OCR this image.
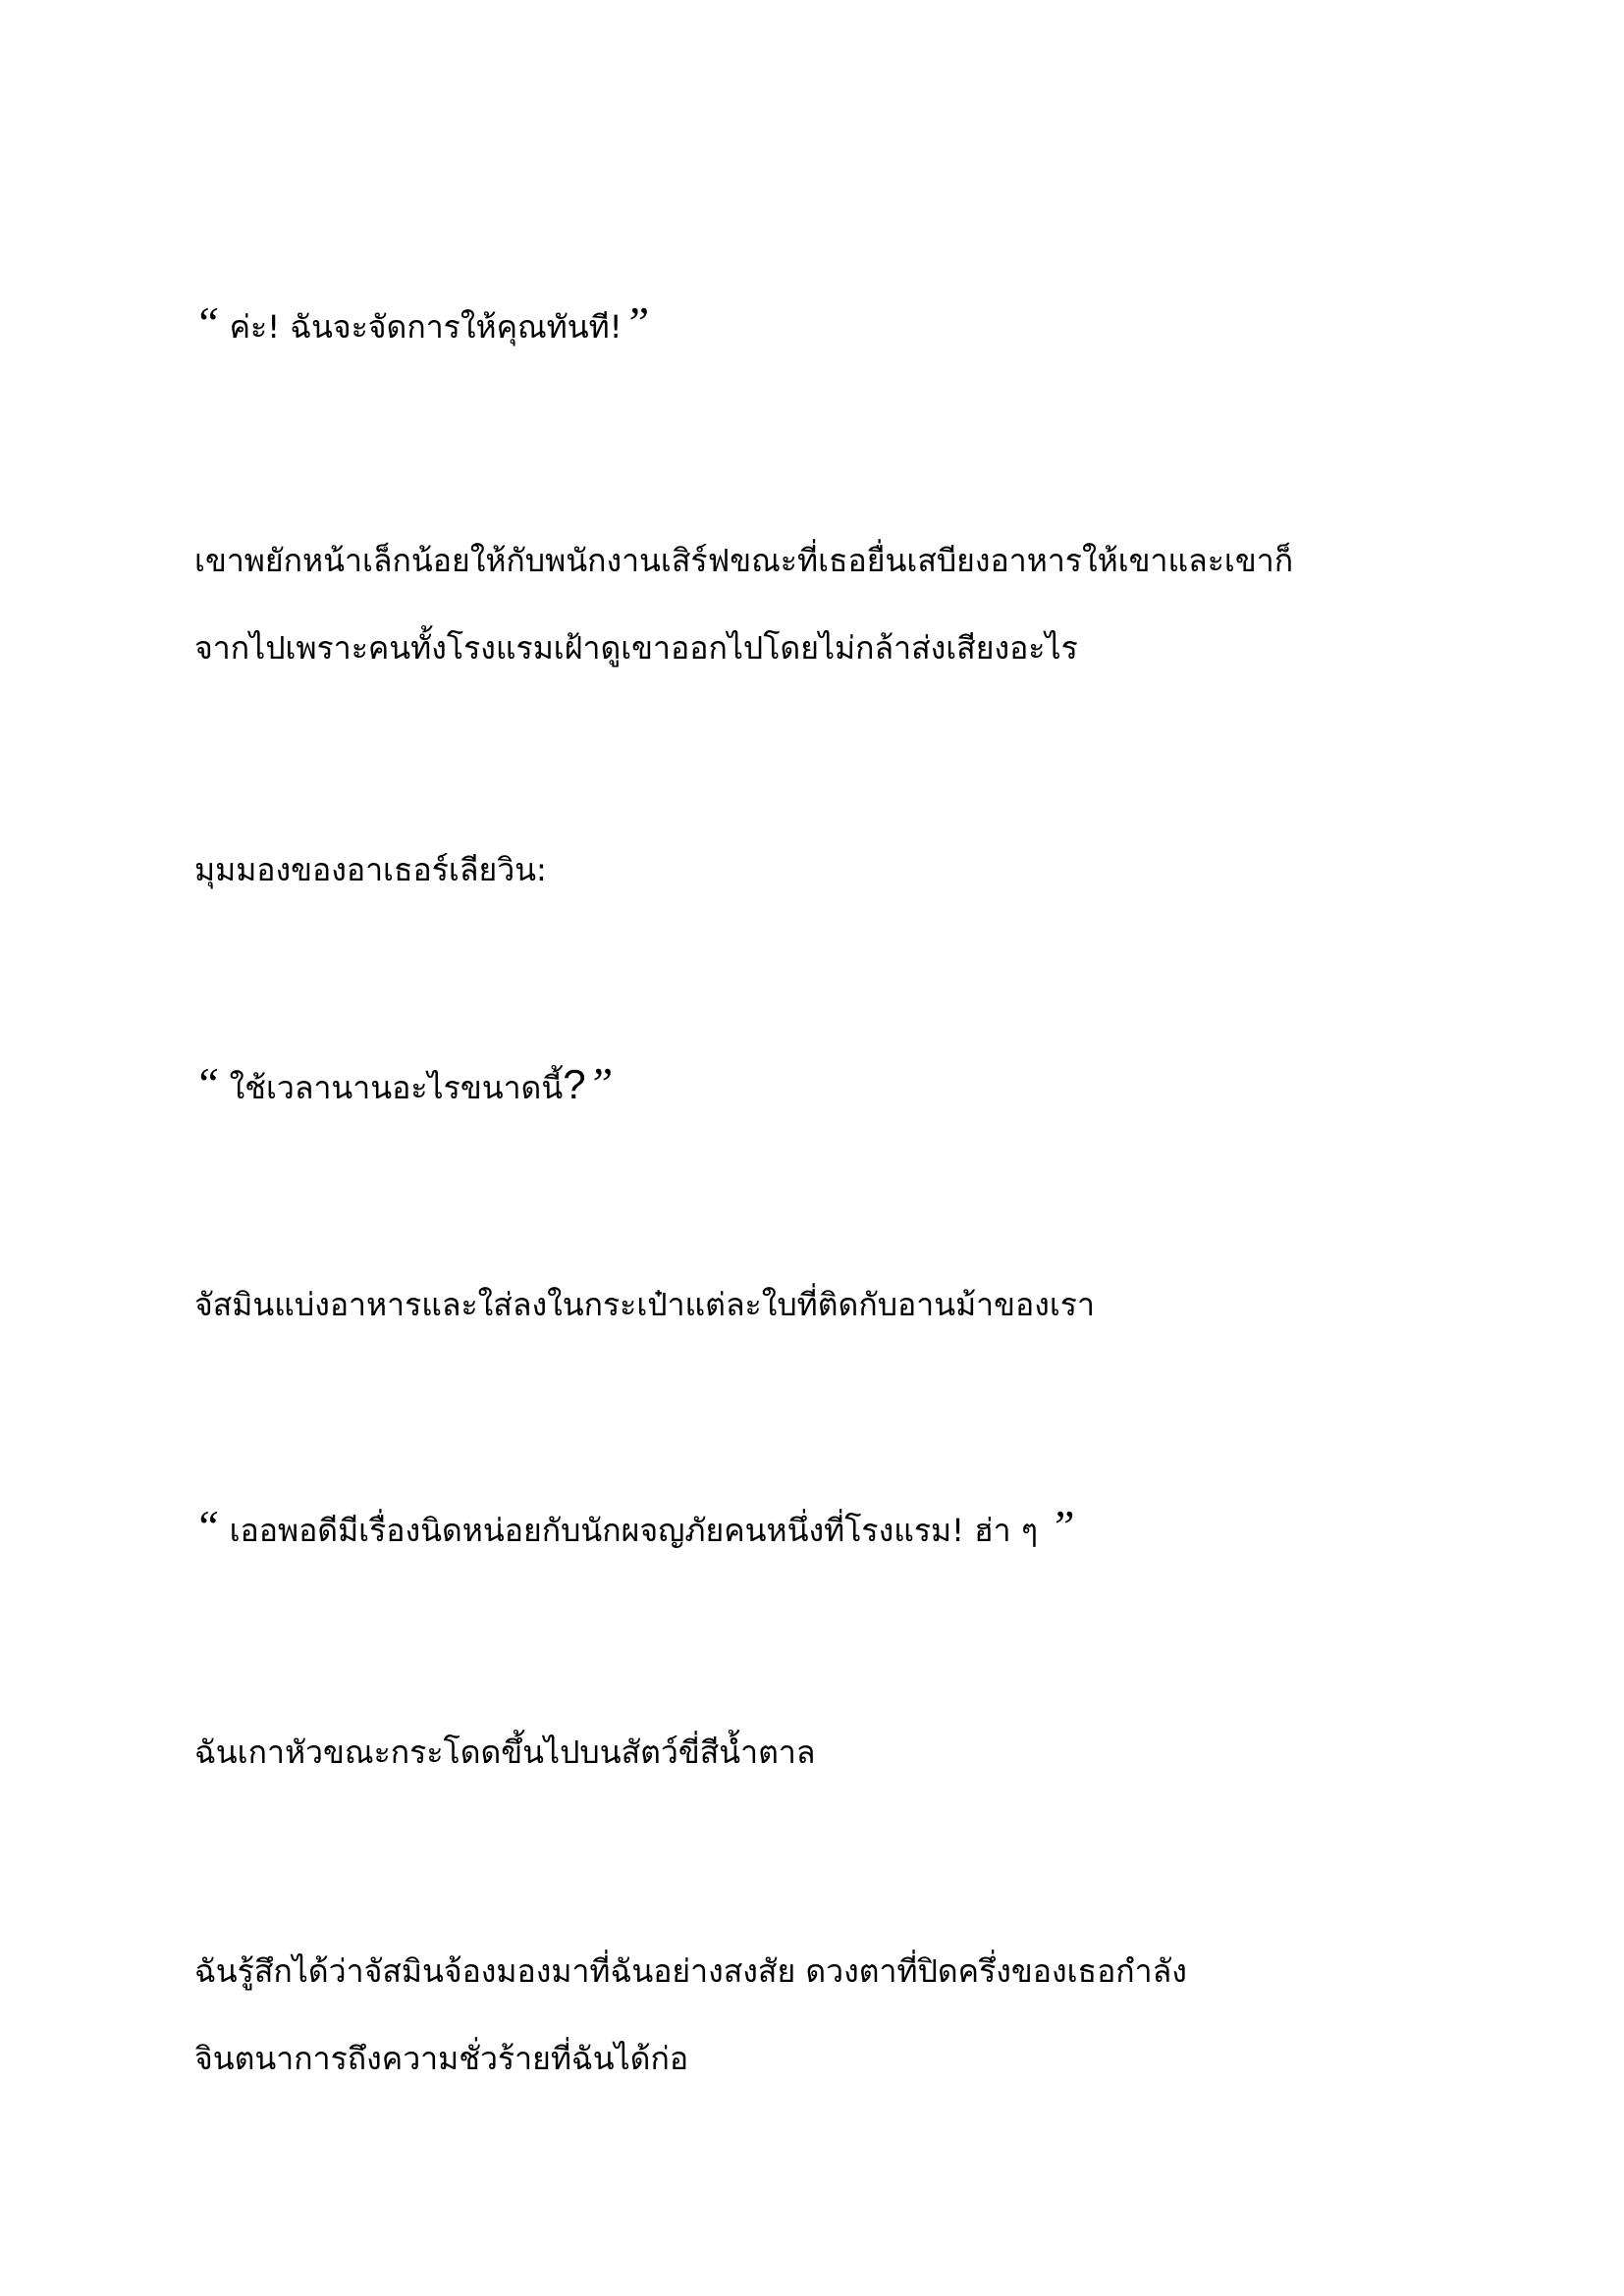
“ ค่ะ! ฉันจะจัดการให้คุณทันที!”
เขาพยักหน้าเล็กน้อยให้กับพนักงานเสิร์ฟขณะที่เธอยื่นเสบียงอาหารให้เขาและเขาก็
จากไปเพราะคนทั้งโรงแรมเฝ้าดูเขาออกไปโดยไม่กล้าส่งเสียงอะไร
มุมมองของอาเธอร์เลียวิน:
“ ใช้เวลานานอะไรขนาดนี้?”
จัสมินแบ่งอาหารและใส่ลงในกระเป๋าแต่ละใบที่ติดกับอานม้าของเรา
“ เออพอดีมีเรื่องนิดหน่อยกับนักผจญภัยคนหนึ่งที่โรงแรม! ฮ่า ๆ ”
ฉันเกาหัวขณะกระโดดขึ้นไปบนสัตว์ขี่สีน้ำตาล
ฉันรู้สึกได้ว่าจัสมินจ้องมองมาที่ฉันอย่างสงสัย ดวงตาที่ปิดครึ่งของเธอกำลัง
จินตนาการถึงความชั่วร้ายที่ฉันได้ก่อ
